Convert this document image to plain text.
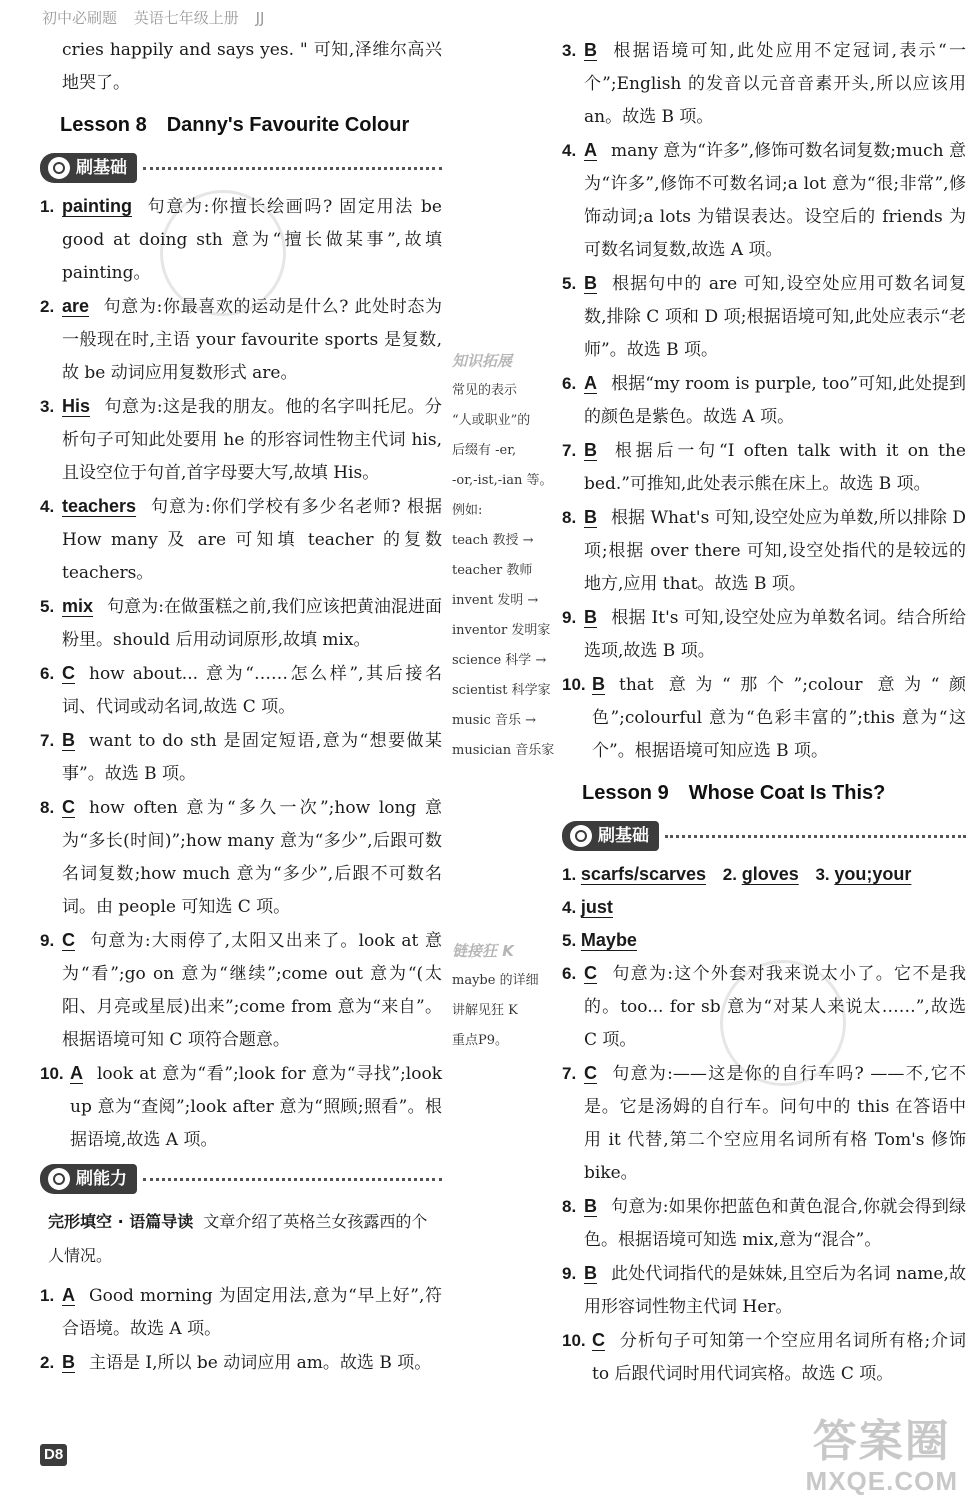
初中必刷题 英语七年级上册 JJ
cries happily and says yes. " 可知,泽维尔高兴地哭了。
Lesson 8 Danny's Favourite Colour
刷基础
1. painting 句意为:你擅长绘画吗? 固定用法 be good at doing sth 意为“擅长做某事”,故填 painting。
2. are 句意为:你最喜欢的运动是什么? 此处时态为一般现在时,主语 your favourite sports 是复数,故 be 动词应用复数形式 are。
3. His 句意为:这是我的朋友。他的名字叫托尼。分析句子可知此处要用 he 的形容词性物主代词 his,且设空位于句首,首字母要大写,故填 His。
4. teachers 句意为:你们学校有多少名老师? 根据 How many 及 are 可知填 teacher 的复数 teachers。
5. mix 句意为:在做蛋糕之前,我们应该把黄油混进面粉里。should 后用动词原形,故填 mix。
6. C how about... 意为“……怎么样”,其后接名词、代词或动名词,故选 C 项。
7. B want to do sth 是固定短语,意为“想要做某事”。故选 B 项。
8. C how often 意为“多久一次”;how long 意为“多长(时间)”;how many 意为“多少”,后跟可数名词复数;how much 意为“多少”,后跟不可数名词。由 people 可知选 C 项。
9. C 句意为:大雨停了,太阳又出来了。look at 意为“看”;go on 意为“继续”;come out 意为“(太阳、月亮或星辰)出来”;come from 意为“来自”。根据语境可知 C 项符合题意。
10. A look at 意为“看”;look for 意为“寻找”;look up 意为“查阅”;look after 意为“照顾;照看”。根据语境,故选 A 项。
刷能力
完形填空 · 语篇导读 文章介绍了英格兰女孩露西的个人情况。
1. A Good morning 为固定用法,意为“早上好”,符合语境。故选 A 项。
2. B 主语是 I,所以 be 动词应用 am。故选 B 项。
知识拓展
常见的表示
“人或职业”的
后缀有 -er,
-or,-ist,-ian 等。
例如:
teach 教授 →
teacher 教师
invent 发明 →
inventor 发明家
science 科学 →
scientist 科学家
music 音乐 →
musician 音乐家
链接狂 K
maybe 的详细
讲解见狂 K
重点P9。
3. B 根据语境可知,此处应用不定冠词,表示“一个”;English 的发音以元音音素开头,所以应该用 an。故选 B 项。
4. A many 意为“许多”,修饰可数名词复数;much 意为“许多”,修饰不可数名词;a lot 意为“很;非常”,修饰动词;a lots 为错误表达。设空后的 friends 为可数名词复数,故选 A 项。
5. B 根据句中的 are 可知,设空处应用可数名词复数,排除 C 项和 D 项;根据语境可知,此处应表示“老师”。故选 B 项。
6. A 根据“my room is purple, too”可知,此处提到的颜色是紫色。故选 A 项。
7. B 根据后一句“I often talk with it on the bed.”可推知,此处表示熊在床上。故选 B 项。
8. B 根据 What's 可知,设空处应为单数,所以排除 D 项;根据 over there 可知,设空处指代的是较远的地方,应用 that。故选 B 项。
9. B 根据 It's 可知,设空处应为单数名词。结合所给选项,故选 B 项。
10. B that 意为“那个”;colour 意为“颜色”;colourful 意为“色彩丰富的”;this 意为“这个”。根据语境可知应选 B 项。
Lesson 9 Whose Coat Is This?
刷基础
1. scarfs/scarves 2. gloves 3. you;your
4. just
5. Maybe
6. C 句意为:这个外套对我来说太小了。它不是我的。too... for sb 意为“对某人来说太……”,故选 C 项。
7. C 句意为:——这是你的自行车吗? ——不,它不是。它是汤姆的自行车。问句中的 this 在答语中用 it 代替,第二个空应用名词所有格 Tom's 修饰 bike。
8. B 句意为:如果你把蓝色和黄色混合,你就会得到绿色。根据语境可知选 mix,意为“混合”。
9. B 此处代词指代的是妹妹,且空后为名词 name,故用形容词性物主代词 Her。
10. C 分析句子可知第一个空应用名词所有格;介词 to 后跟代词时用代词宾格。故选 C 项。
D8	答案圈
MXQE.COM
